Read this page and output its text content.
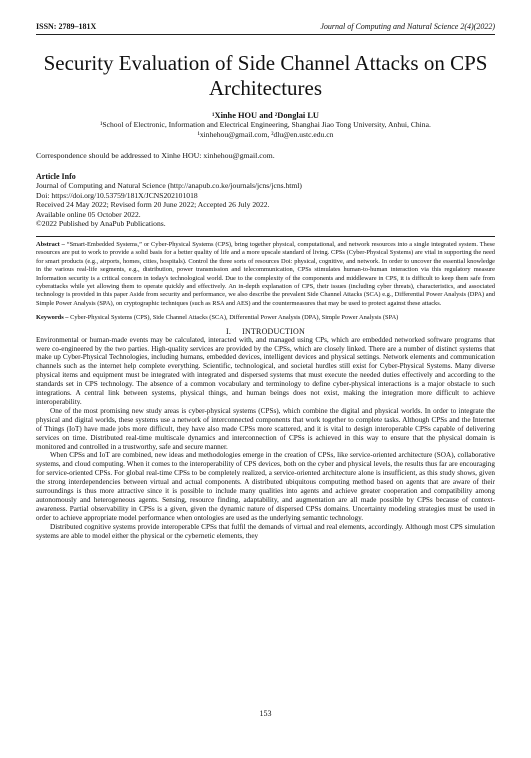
ISSN: 2789–181X	Journal of Computing and Natural Science 2(4)(2022)
Security Evaluation of Side Channel Attacks on CPS Architectures
¹Xinhe HOU and ²Donglai LU
¹School of Electronic, Information and Electrical Engineering, Shanghai Jiao Tong University, Anhui, China.
¹xinhehou@gmail.com, ²dlu@en.ustc.edu.cn
Correspondence should be addressed to Xinhe HOU: xinhehou@gmail.com.
Article Info
Journal of Computing and Natural Science (http://anapub.co.ke/journals/jcns/jcns.html)
Doi: https://doi.org/10.53759/181X/JCNS202101018
Received 24 May 2022; Revised form 20 June 2022; Accepted 26 July 2022.
Available online 05 October 2022.
©2022 Published by AnaPub Publications.
Abstract – “Smart-Embedded Systems,” or Cyber-Physical Systems (CPS), bring together physical, computational, and network resources into a single integrated system. These resources are put to work to provide a solid basis for a better quality of life and a more upscale standard of living. CPSs (Cyber-Physical Systems) are vital in supporting the need for smart products (e.g., airports, homes, cities, hospitals). Control the three sorts of resources Doi: physical, cognitive, and network. In order to uncover the essential knowledge in the various real-life segments, e.g., distribution, power transmission and telecommunication, CPSs stimulates human-to-human interaction via this regulatory measure Information security is a critical concern in today's technological world. Due to the complexity of the components and middleware in CPS, it is difficult to keep them safe from cyberattacks while yet allowing them to operate quickly and effectively. An in-depth explanation of CPS, their issues (including cyber threats), characteristics, and associated technology is provided in this paper Aside from security and performance, we also describe the prevalent Side Channel Attacks (SCA) e.g., Differential Power Analysis (DPA) and Simple Power Analysis (SPA), on cryptographic techniques (such as RSA and AES) and the countermeasures that may be used to protect against these attacks.
Keywords – Cyber-Physical Systems (CPS), Side Channel Attacks (SCA), Differential Power Analysis (DPA), Simple Power Analysis (SPA)
I.     INTRODUCTION

Environmental or human-made events may be calculated, interacted with, and managed using CPs, which are embedded networked software programs that were co-engineered by the two parties. High-quality services are provided by the CPSs, which are closely linked. There are a number of distinct systems that make up Cyber-Physical Technologies, including humans, embedded devices, intelligent devices and physical settings. Network elements and communication channels such as the internet help complete everything. Scientific, technological, and societal hurdles still exist for Cyber-Physical Systems. Many diverse physical items and equipment must be integrated with integrated and dispersed systems that must execute the needed duties effectively and according to the standards set in CPS technology. The absence of a common vocabulary and terminology to define cyber-physical interactions is a major obstacle to such integrations. A central link between systems, physical things, and human beings does not exist, making the integration more difficult to achieve interoperability.

One of the most promising new study areas is cyber-physical systems (CPSs), which combine the digital and physical worlds. In order to integrate the physical and digital worlds, these systems use a network of interconnected components that work together to complete tasks. Although CPSs and the Internet of Things (IoT) have made jobs more difficult, they have also made CPSs more scattered, and it is vital to design interoperable CPSs capable of delivering services on time. Distributed real-time multiscale dynamics and interconnection of CPSs is achieved in this way to ensure that the physical domain is monitored and controlled in a trustworthy, safe and secure manner.

When CPSs and IoT are combined, new ideas and methodologies emerge in the creation of CPSs, like service-oriented architecture (SOA), collaborative systems, and cloud computing. When it comes to the interoperability of CPS devices, both on the cyber and physical levels, the results thus far are encouraging for service-oriented CPSs. For global real-time CPSs to be completely realized, a service-oriented architecture alone is insufficient, as this study shows, given the strong interdependencies between virtual and actual components. A distributed ubiquitous computing method based on agents that are aware of their surroundings is thus more attractive since it is possible to include many qualities into agents and achieve greater cooperation and compatibility among autonomously and heterogeneous agents. Sensing, resource finding, adaptability, and augmentation are all made possible by CPSs because of context-awareness. Partial observability in CPSs is a given, given the dynamic nature of dispersed CPSs domains. Uncertainty modeling strategies must be used in order to achieve appropriate model performance when ontologies are used as the underlying semantic technology.

Distributed cognitive systems provide interoperable CPSs that fulfil the demands of virtual and real elements, accordingly. Although most CPS simulation systems are able to model either the physical or the cybernetic elements, they

153
